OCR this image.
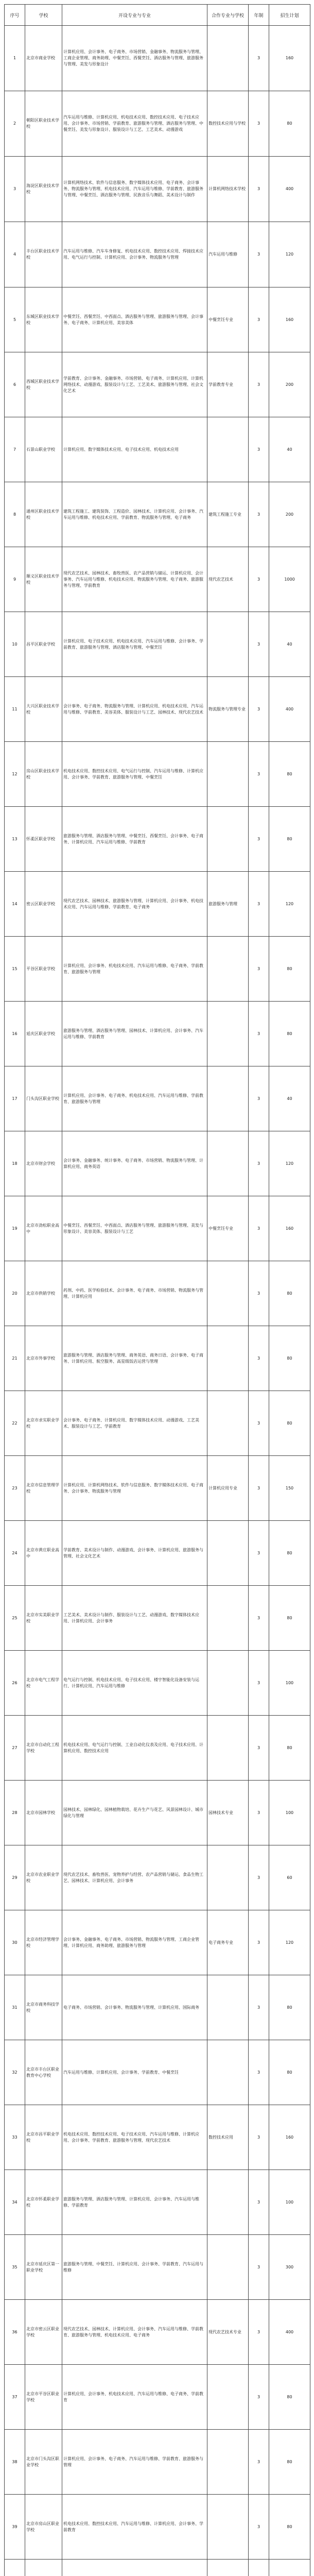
序号	学校	开设专业与专业	合作专业与学校	年制	招生计划
1	北京市商业学校	计算机应用、会计事务、电子商务、市场营销、金融事务、物流服务与管理、工商企业管理、商务助理、中餐烹饪、西餐烹饪、酒店服务与管理、旅游服务与管理、美发与形象设计		3	160
2	朝阳区职业技术学校	汽车运用与维修、计算机应用、机电技术应用、数控技术应用、电子技术应用、会计事务、市场营销、学前教育、旅游服务与管理、酒店服务与管理、中餐烹饪、美发与形象设计、服装设计与工艺、工艺美术、动漫游戏	数控技术应用与学校	3	80
3	海淀区职业技术学校	计算机网络技术、软件与信息服务、数字媒体技术应用、电子商务、会计事务、物流服务与管理、机电技术应用、汽车运用与维修、学前教育、旅游服务与管理、中餐烹饪、酒店服务与管理、民族音乐与舞蹈、美术设计与制作	计算机网络技术学校	3	400
4	丰台区职业技术学校	汽车运用与维修、汽车车身修复、机电技术应用、数控技术应用、焊接技术应用、电气运行与控制、计算机应用、会计事务、物流服务与管理	汽车运用与维修	3	120
5	东城区职业技术学校	中餐烹饪、西餐烹饪、中西面点、酒店服务与管理、旅游服务与管理、会计事务、电子商务、计算机应用、美容美体	中餐烹饪专业	3	160
6	西城区职业技术学校	学前教育、会计事务、金融事务、市场营销、电子商务、计算机应用、计算机网络技术、动漫游戏、服装设计与工艺、工艺美术、旅游服务与管理、社会文化艺术	学前教育专业	3	200
7	石景山职业学校	计算机应用、数字媒体技术应用、电子技术应用、机电技术应用		3	40
8	通州区职业技术学校	建筑工程施工、建筑装饰、工程造价、园林技术、计算机应用、会计事务、汽车运用与维修、机电技术应用、学前教育、物流服务与管理、电子商务	建筑工程施工专业	3	200
9	顺义区职业技术学校	现代农艺技术、园林技术、畜牧兽医、农产品营销与储运、计算机应用、会计事务、汽车运用与维修、机电技术应用、物流服务与管理、电子商务、旅游服务与管理、学前教育	现代农艺技术	3	1000
10	昌平区职业学校	计算机应用、电子技术应用、机电技术应用、汽车运用与维修、会计事务、学前教育、旅游服务与管理、酒店服务与管理、中餐烹饪		3	40
11	大兴区职业技术学校	会计事务、电子商务、物流服务与管理、计算机应用、机电技术应用、汽车运用与维修、学前教育、美容美体、服装设计与工艺、园林技术、现代农艺技术	物流服务与管理专业	3	400
12	房山区职业技术学校	机电技术应用、数控技术应用、电气运行与控制、汽车运用与维修、计算机应用、会计事务、学前教育、旅游服务与管理、中餐烹饪		3	80
13	怀柔区职业学校	旅游服务与管理、酒店服务与管理、中餐烹饪、西餐烹饪、会计事务、电子商务、计算机应用、汽车运用与维修、学前教育		3	80
14	密云区职业学校	现代农艺技术、园林技术、旅游服务与管理、计算机应用、会计事务、机电技术应用、汽车运用与维修、学前教育、电子商务	旅游服务与管理	3	120
15	平谷区职业学校	计算机应用、会计事务、机电技术应用、汽车运用与维修、电子商务、学前教育、旅游服务与管理		3	80
16	延庆区职业学校	旅游服务与管理、酒店服务与管理、园林技术、计算机应用、会计事务、汽车运用与维修、学前教育		3	80
17	门头沟区职业学校	计算机应用、会计事务、电子商务、机电技术应用、汽车运用与维修、学前教育、旅游服务与管理		3	40
18	北京市财会学校	会计事务、金融事务、统计事务、电子商务、市场营销、物流服务与管理、计算机应用、商务英语		3	120
19	北京市劲松职业高中	中餐烹饪、西餐烹饪、中西面点、酒店服务与管理、旅游服务与管理、美发与形象设计、美容美体、服装设计与工艺	中餐烹饪专业	3	160
20	北京市供销学校	药剂、中药、医学检验技术、会计事务、电子商务、市场营销、物流服务与管理、计算机应用		3	80
21	北京市外事学校	旅游服务与管理、酒店服务与管理、商务英语、商务日语、会计事务、电子商务、计算机应用、航空服务、高星级饭店运营与管理		3	80
22	北京市求实职业学校	会计事务、电子商务、计算机应用、数字媒体技术应用、动漫游戏、工艺美术、服装设计与工艺、学前教育		3	80
23	北京市信息管理学校	计算机应用、计算机网络技术、软件与信息服务、数字媒体技术应用、电子商务、会计事务、物流服务与管理	计算机应用专业	3	150
24	北京市黄庄职业高中	学前教育、美术设计与制作、动漫游戏、会计事务、计算机应用、旅游服务与管理、社会文化艺术		3	80
25	北京市实美职业学校	工艺美术、美术设计与制作、服装设计与工艺、动漫游戏、数字媒体技术应用、计算机应用、会计事务		3	80
26	北京市电气工程学校	电气运行与控制、机电技术应用、电子技术应用、楼宇智能化设备安装与运行、计算机应用、汽车运用与维修		3	100
27	北京市自动化工程学校	机电技术应用、电气运行与控制、工业自动化仪表及应用、电子技术应用、计算机应用、数控技术应用		3	80
28	北京市园林学校	园林技术、园林绿化、园林植物栽培、花卉生产与花艺、风景园林设计、城市绿化与管理	园林技术专业	3	100
29	北京市农业职业学校	现代农艺技术、畜牧兽医、宠物养护与经营、农产品营销与储运、食品生物工艺、园林技术、计算机应用、会计事务		3	60
30	北京市经济管理学校	会计事务、金融事务、电子商务、市场营销、物流服务与管理、工商企业管理、计算机应用、商务助理、旅游服务与管理	电子商务专业	3	120
31	北京市商务科技学校	电子商务、市场营销、会计事务、物流服务与管理、计算机应用、国际商务		3	80
32	北京市丰台区职业教育中心学校	汽车运用与维修、计算机应用、会计事务、学前教育、中餐烹饪		3	80
33	北京市昌平职业学校	机电技术应用、数控技术应用、电子技术应用、汽车运用与维修、计算机应用、会计事务、学前教育、旅游服务与管理、现代农艺技术	数控技术应用	3	160
34	北京市怀柔职业学校	旅游服务与管理、酒店服务与管理、计算机应用、会计事务、汽车运用与维修、学前教育		3	100
35	北京市延庆区第一职业学校	旅游服务与管理、中餐烹饪、计算机应用、会计事务、学前教育、汽车运用与维修		3	300
36	北京市密云区职业学校	现代农艺技术、园林技术、计算机应用、会计事务、汽车运用与维修、学前教育、旅游服务与管理、机电技术应用、电子商务	现代农艺技术专业	3	400
37	北京市平谷区职业学校	计算机应用、会计事务、机电技术应用、汽车运用与维修、电子商务、学前教育		3	80
38	北京市门头沟区职业学校	计算机应用、会计事务、电子商务、汽车运用与维修、学前教育、旅游服务与管理		3	80
39	北京市房山区职业学校	机电技术应用、数控技术应用、汽车运用与维修、计算机应用、会计事务、学前教育		3	80
